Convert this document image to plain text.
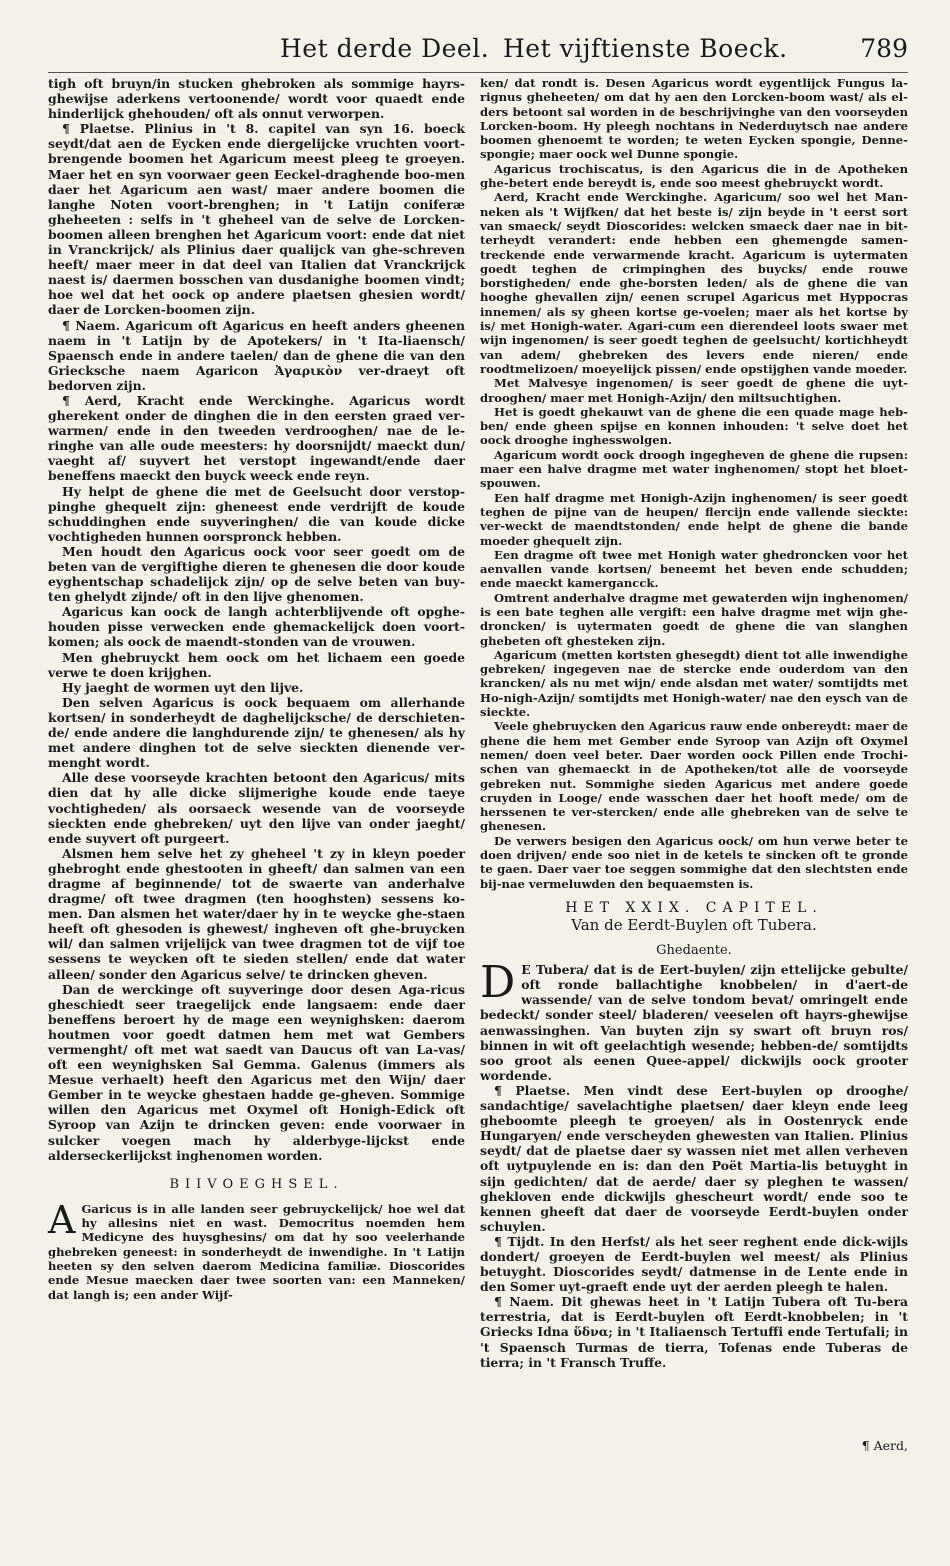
Het derde Deel. Het vijftienste Boeck.	789

tigh oft bruyn/in stucken ghebroken als sommige hayrs-ghewijse aderkens vertoonende/ wordt voor quaedt ende hinderlijck ghehouden/ oft als onnut verworpen.

¶ Plaetse. Plinius in 't 8. capitel van syn 16. boeck seydt/dat aen de Eycken ende diergelijcke vruchten voort-brengende boomen het Agaricum meest pleeg te groeyen. Maer het en syn voorwaer geen Eeckel-draghende boo-men daer het Agaricum aen wast/ maer andere boomen die langhe Noten voort-brenghen; in 't Latijn coniferæ gheheeten : selfs in 't gheheel van de selve de Lorcken-boomen alleen brenghen het Agaricum voort: ende dat niet in Vranckrijck/ als Plinius daer qualijck van ghe-schreven heeft/ maer meer in dat deel van Italien dat Vranckrijck naest is/ daermen bosschen van dusdanighe boomen vindt; hoe wel dat het oock op andere plaetsen ghesien wordt/ daer de Lorcken-boomen zijn.

¶ Naem. Agaricum oft Agaricus en heeft anders gheenen naem in 't Latijn by de Apotekers/ in 't Ita-liaensch/ Spaensch ende in andere taelen/ dan de ghene die van den Griecksche naem Agaricon Ἀγαρικὸν ver-draeyt oft bedorven zijn.

¶ Aerd, Kracht ende Werckinghe. Agaricus wordt gherekent onder de dinghen die in den eersten graed ver-warmen/ ende in den tweeden verdrooghen/ nae de le-ringhe van alle oude meesters: hy doorsnijdt/ maeckt dun/ vaeght af/ suyvert het verstopt ingewandt/ende daer beneffens maeckt den buyck weeck ende reyn.

Hy helpt de ghene die met de Geelsucht door verstop-pinghe ghequelt zijn: gheneest ende verdrijft de koude schuddinghen ende suyveringhen/ die van koude dicke vochtigheden hunnen oorspronck hebben.

Men houdt den Agaricus oock voor seer goedt om de beten van de vergiftighe dieren te ghenesen die door koude eyghentschap schadelijck zijn/ op de selve beten van buy-ten ghelydt zijnde/ oft in den lijve ghenomen.

Agaricus kan oock de langh achterblijvende oft opghe-houden pisse verwecken ende ghemackelijck doen voort-komen; als oock de maendt-stonden van de vrouwen.

Men ghebruyckt hem oock om het lichaem een goede verwe te doen krijghen.

Hy jaeght de wormen uyt den lijve.

Den selven Agaricus is oock bequaem om allerhande kortsen/ in sonderheydt de daghelijcksche/ de derschieten-de/ ende andere die langhdurende zijn/ te ghenesen/ als hy met andere dinghen tot de selve sieckten dienende ver-menght wordt.

Alle dese voorseyde krachten betoont den Agaricus/ mits dien dat hy alle dicke slijmerighe koude ende taeye vochtigheden/ als oorsaeck wesende van de voorseyde sieckten ende ghebreken/ uyt den lijve van onder jaeght/ ende suyvert oft purgeert.

Alsmen hem selve het zy gheheel 't zy in kleyn poeder ghebroght ende ghestooten in gheeft/ dan salmen van een dragme af beginnende/ tot de swaerte van anderhalve dragme/ oft twee dragmen (ten hooghsten) sessens ko-men. Dan alsmen het water/daer hy in te weycke ghe-staen heeft oft ghesoden is ghewest/ ingheven oft ghe-bruycken wil/ dan salmen vrijelijck van twee dragmen tot de vijf toe sessens te weycken oft te sieden stellen/ ende dat water alleen/ sonder den Agaricus selve/ te drincken gheven.

Dan de werckinge oft suyveringe door desen Aga-ricus gheschiedt seer traegelijck ende langsaem: ende daer beneffens beroert hy de mage een weynighsken: daerom houtmen voor goedt datmen hem met wat Gembers vermenght/ oft met wat saedt van Daucus oft van La-vas/ oft een weynighsken Sal Gemma. Galenus (immers als Mesue verhaelt) heeft den Agaricus met den Wijn/ daer Gember in te weycke ghestaen hadde ge-gheven. Sommige willen den Agaricus met Oxymel oft Honigh-Edick oft Syroop van Azijn te drincken geven: ende voorwaer in sulcker voegen mach hy alderbyge-lijckst ende alderseckerlijckst inghenomen worden.

BIIVOEGHSEL.

A Garicus is in alle landen seer gebruyckelijck/ hoe wel dat hy allesins niet en wast. Democritus noemden hem Medicyne des huysghesins/ om dat hy soo veelerhande ghebreken geneest: in sonderheydt de inwendighe. In 't Latijn heeten sy den selven daerom Medicina familiæ. Dioscorides ende Mesue maecken daer twee soorten van: een Manneken/ dat langh is; een ander Wijf-

ken/ dat rondt is. Desen Agaricus wordt eygentlijck Fungus la-rignus gheheeten/ om dat hy aen den Lorcken-boom wast/ als el-ders betoont sal worden in de beschrijvinghe van den voorseyden Lorcken-boom. Hy pleegh nochtans in Nederduytsch nae andere boomen ghenoemt te worden; te weten Eycken spongie, Denne-spongie; maer oock wel Dunne spongie.

Agaricus trochiscatus, is den Agaricus die in de Apotheken ghe-betert ende bereydt is, ende soo meest ghebruyckt wordt.

Aerd, Kracht ende Werckinghe. Agaricum/ soo wel het Man-neken als 't Wijfken/ dat het beste is/ zijn beyde in 't eerst sort van smaeck/ seydt Dioscorides: welcken smaeck daer nae in bit-terheydt verandert: ende hebben een ghemengde samen-treckende ende verwarmende kracht. Agaricum is uytermaten goedt teghen de crimpinghen des buycks/ ende rouwe borstigheden/ ende ghe-borsten leden/ als de ghene die van hooghe ghevallen zijn/ eenen scrupel Agaricus met Hyppocras innemen/ als sy gheen kortse ge-voelen; maer als het kortse by is/ met Honigh-water. Agari-cum een dierendeel loots swaer met wijn ingenomen/ is seer goedt teghen de geelsucht/ kortichheydt van adem/ ghebreken des levers ende nieren/ ende roodtmelizoen/ moeyelijck pissen/ ende opstijghen vande moeder.

Met Malvesye ingenomen/ is seer goedt de ghene die uyt-drooghen/ maer met Honigh-Azijn/ den miltsuchtighen.

Het is goedt ghekauwt van de ghene die een quade mage heb-ben/ ende gheen spijse en konnen inhouden: 't selve doet het oock drooghe inghesswolgen.

Agaricum wordt oock droogh ingegheven de ghene die rupsen: maer een halve dragme met water inghenomen/ stopt het bloet-spouwen.

Een half dragme met Honigh-Azijn inghenomen/ is seer goedt teghen de pijne van de heupen/ flercijn ende vallende sieckte: ver-weckt de maendtstonden/ ende helpt de ghene die bande moeder ghequelt zijn.

Een dragme oft twee met Honigh water ghedroncken voor het aenvallen vande kortsen/ beneemt het beven ende schudden; ende maeckt kamergancck.

Omtrent anderhalve dragme met gewaterden wijn inghenomen/ is een bate teghen alle vergift: een halve dragme met wijn ghe-droncken/ is uytermaten goedt de ghene die van slanghen ghebeten oft ghesteken zijn.

Agaricum (metten kortsten ghesegdt) dient tot alle inwendighe gebreken/ ingegeven nae de stercke ende ouderdom van den krancken/ als nu met wijn/ ende alsdan met water/ somtijdts met Ho-nigh-Azijn/ somtijdts met Honigh-water/ nae den eysch van de sieckte.

Veele ghebruycken den Agaricus rauw ende onbereydt: maer de ghene die hem met Gember ende Syroop van Azijn oft Oxymel nemen/ doen veel beter. Daer worden oock Pillen ende Trochi-schen van ghemaeckt in de Apotheken/tot alle de voorseyde gebreken nut. Sommighe sieden Agaricus met andere goede cruyden in Looge/ ende wasschen daer het hooft mede/ om de herssenen te ver-stercken/ ende alle ghebreken van de selve te ghenesen.

De verwers besigen den Agaricus oock/ om hun verwe beter te doen drijven/ ende soo niet in de ketels te sincken oft te gronde te gaen. Daer vaer toe seggen sommighe dat den slechtsten ende bij-nae vermeluwden den bequaemsten is.

HET XXIX. CAPITEL.
Van de Eerdt-Buylen oft Tubera.
Ghedaente.

D E Tubera/ dat is de Eert-buylen/ zijn ettelijcke gebulte/ oft ronde ballachtighe knobbelen/ in d'aert-de wassende/ van de selve tondom bevat/ omringelt ende bedeckt/ sonder steel/ bladeren/ veeselen oft hayrs-ghewijse aenwassinghen. Van buyten zijn sy swart oft bruyn ros/ binnen in wit oft geelachtigh wesende; hebben-de/ somtijdts soo groot als eenen Quee-appel/ dickwijls oock grooter wordende.

¶ Plaetse. Men vindt dese Eert-buylen op drooghe/ sandachtige/ savelachtighe plaetsen/ daer kleyn ende leeg gheboomte pleegh te groeyen/ als in Oostenryck ende Hungaryen/ ende verscheyden ghewesten van Italien. Plinius seydt/ dat de plaetse daer sy wassen niet met allen verheven oft uytpuylende en is: dan den Poët Martia-lis betuyght in sijn gedichten/ dat de aerde/ daer sy pleghen te wassen/ ghekloven ende dickwijls ghescheurt wordt/ ende soo te kennen gheeft dat daer de voorseyde Eerdt-buylen onder schuylen.

¶ Tijdt. In den Herfst/ als het seer reghent ende dick-wijls dondert/ groeyen de Eerdt-buylen wel meest/ als Plinius betuyght. Dioscorides seydt/ datmense in de Lente ende in den Somer uyt-graeft ende uyt der aerden pleegh te halen.

¶ Naem. Dit ghewas heet in 't Latijn Tubera oft Tu-bera terrestria, dat is Eerdt-buylen oft Eerdt-knobbelen; in 't Griecks Idna ὕδνα; in 't Italiaensch Tertuffi ende Tertufali; in 't Spaensch Turmas de tierra, Tofenas ende Tuberas de tierra; in 't Fransch Truffe.

¶ Aerd,
